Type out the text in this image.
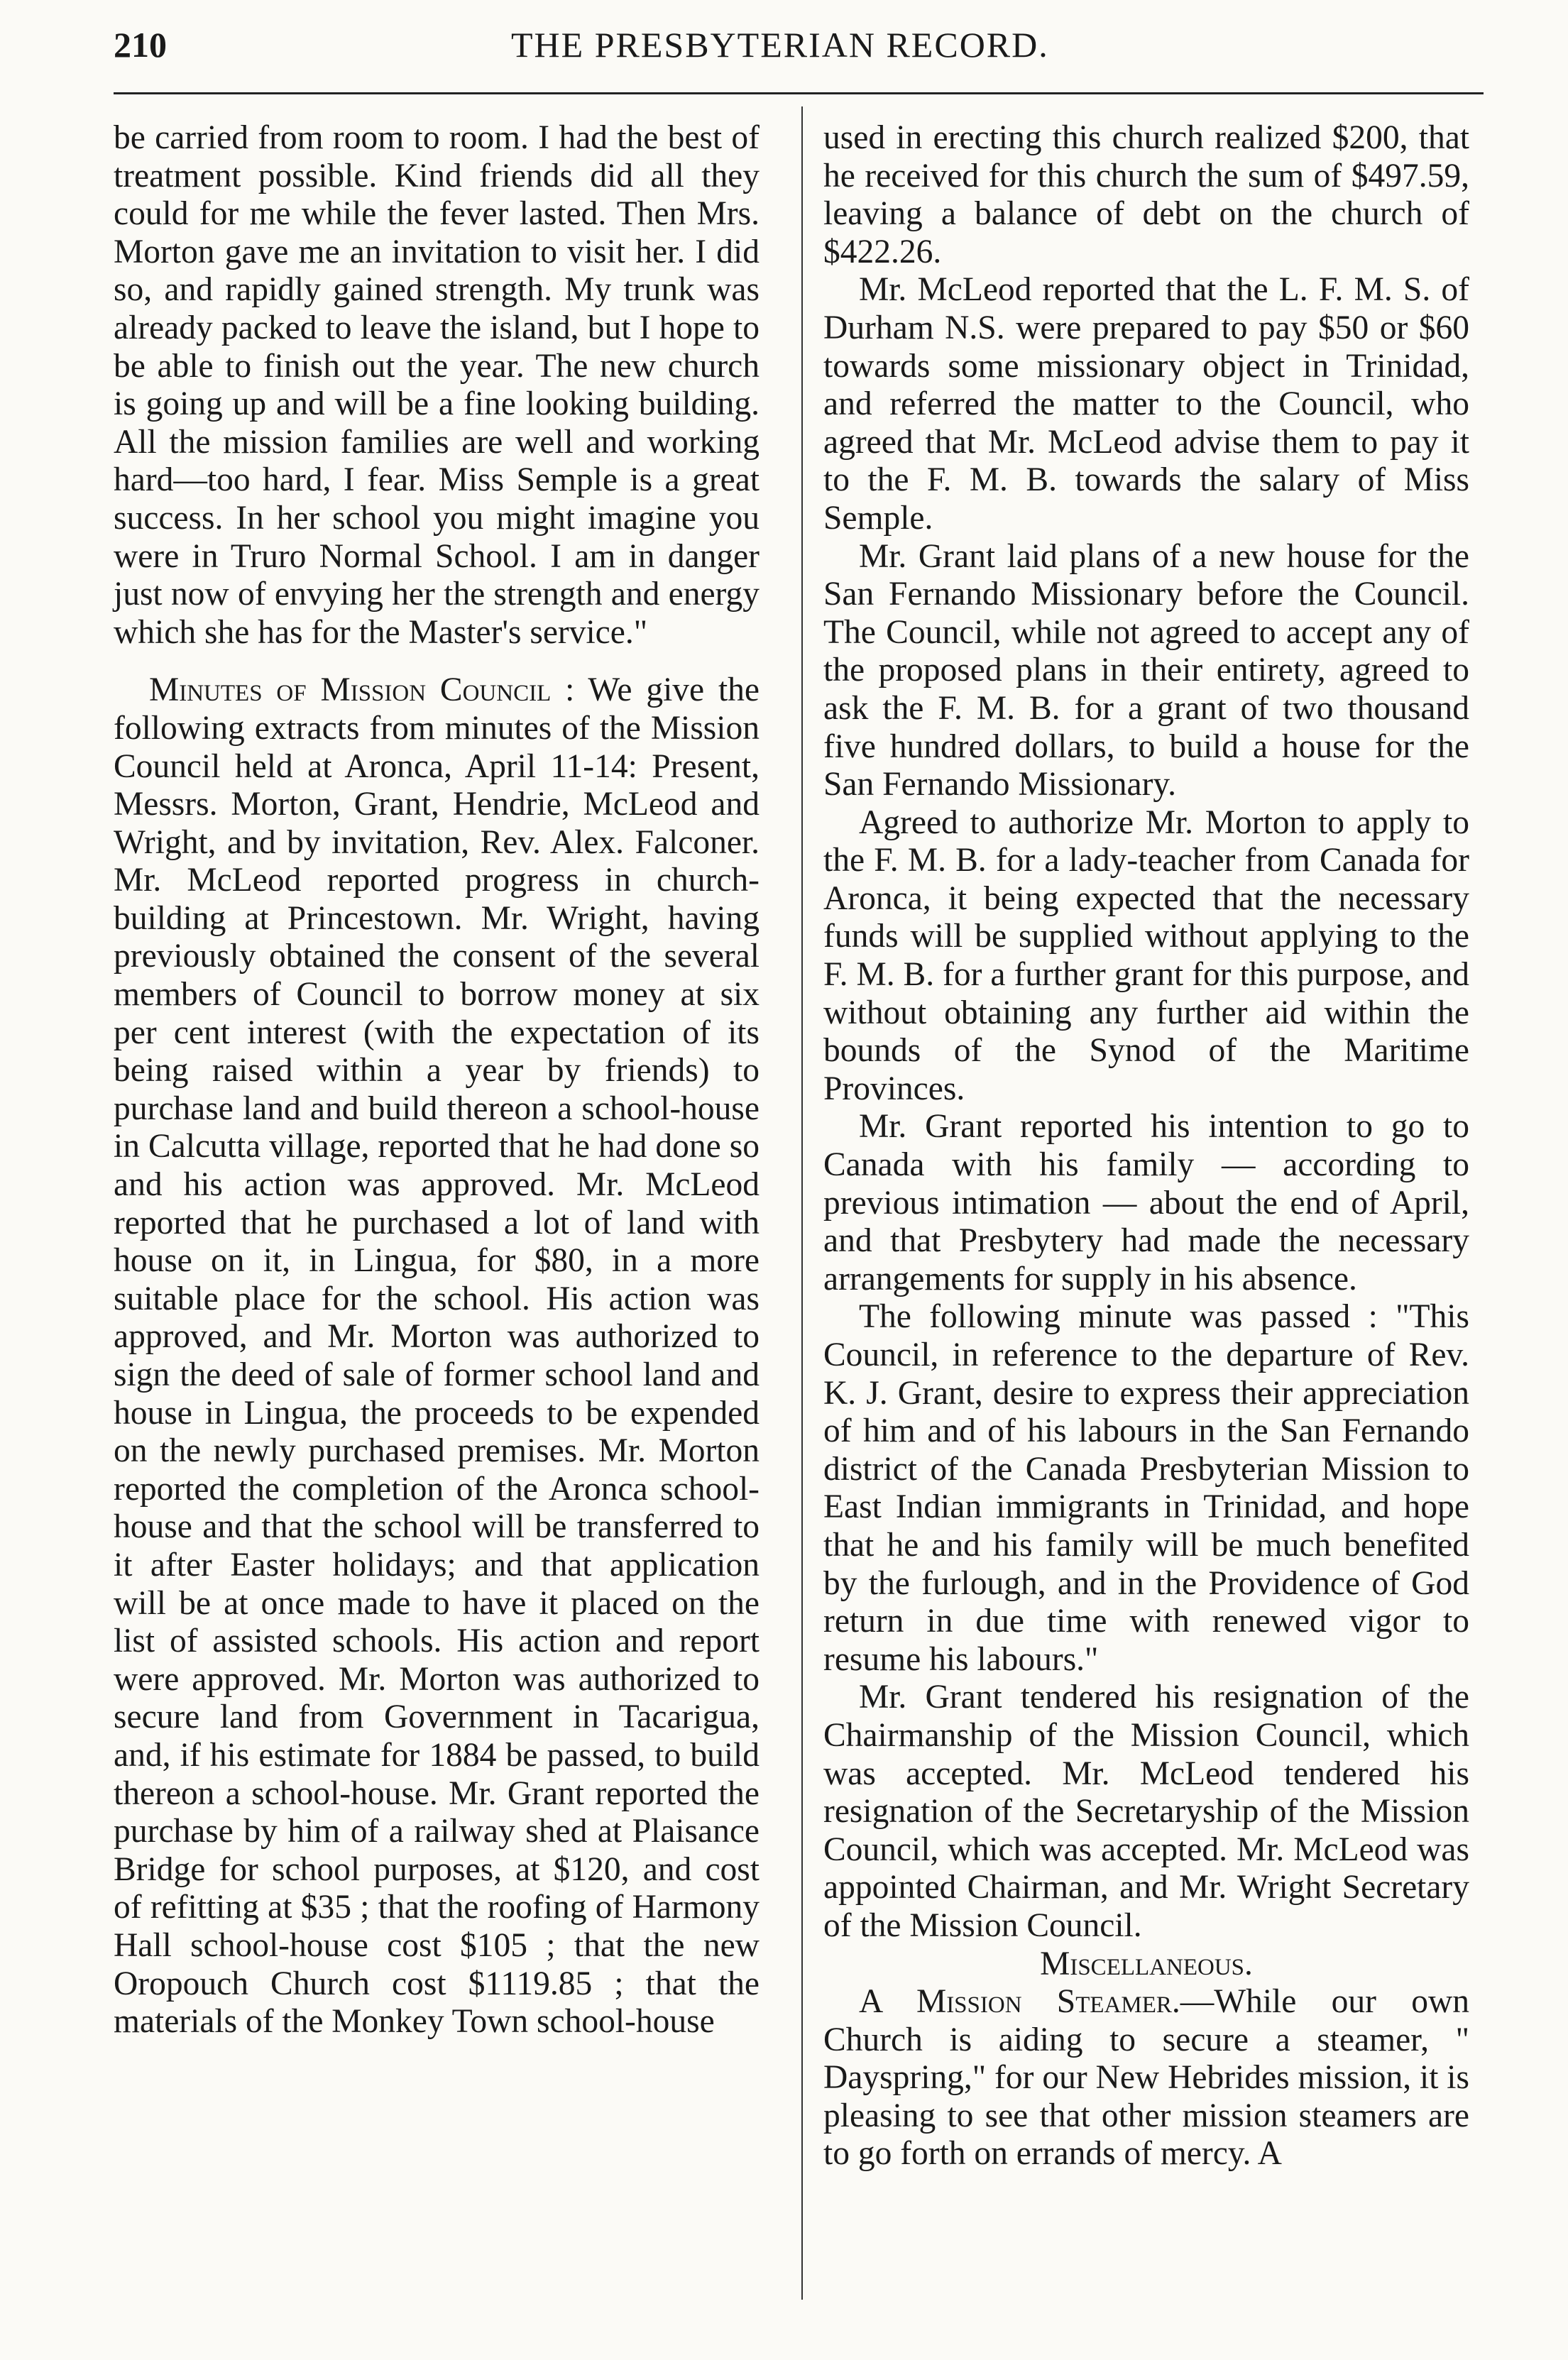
210	THE PRESBYTERIAN RECORD.

be carried from room to room. I had the best of treatment possible. Kind friends did all they could for me while the fever lasted. Then Mrs. Morton gave me an invitation to visit her. I did so, and rapidly gained strength. My trunk was already packed to leave the island, but I hope to be able to finish out the year. The new church is going up and will be a fine looking building. All the mission families are well and working hard—too hard, I fear. Miss Semple is a great success. In her school you might imagine you were in Truro Normal School. I am in danger just now of envying her the strength and energy which she has for the Master's service."

Minutes of Mission Council : We give the following extracts from minutes of the Mission Council held at Aronca, April 11-14: Present, Messrs. Morton, Grant, Hendrie, McLeod and Wright, and by invitation, Rev. Alex. Falconer. Mr. McLeod reported progress in church-building at Princestown. Mr. Wright, having previously obtained the consent of the several members of Council to borrow money at six per cent interest (with the expectation of its being raised within a year by friends) to purchase land and build thereon a school-house in Calcutta village, reported that he had done so and his action was approved. Mr. McLeod reported that he purchased a lot of land with house on it, in Lingua, for $80, in a more suitable place for the school. His action was approved, and Mr. Morton was authorized to sign the deed of sale of former school land and house in Lingua, the proceeds to be expended on the newly purchased premises. Mr. Morton reported the completion of the Aronca school-house and that the school will be transferred to it after Easter holidays; and that application will be at once made to have it placed on the list of assisted schools. His action and report were approved. Mr. Morton was authorized to secure land from Government in Tacarigua, and, if his estimate for 1884 be passed, to build thereon a school-house. Mr. Grant reported the purchase by him of a railway shed at Plaisance Bridge for school purposes, at $120, and cost of refitting at $35 ; that the roofing of Harmony Hall school-house cost $105 ; that the new Oropouch Church cost $1119.85 ; that the materials of the Monkey Town school-house

used in erecting this church realized $200, that he received for this church the sum of $497.59, leaving a balance of debt on the church of $422.26.

Mr. McLeod reported that the L. F. M. S. of Durham N.S. were prepared to pay $50 or $60 towards some missionary object in Trinidad, and referred the matter to the Council, who agreed that Mr. McLeod advise them to pay it to the F. M. B. towards the salary of Miss Semple.

Mr. Grant laid plans of a new house for the San Fernando Missionary before the Council. The Council, while not agreed to accept any of the proposed plans in their entirety, agreed to ask the F. M. B. for a grant of two thousand five hundred dollars, to build a house for the San Fernando Missionary.

Agreed to authorize Mr. Morton to apply to the F. M. B. for a lady-teacher from Canada for Aronca, it being expected that the necessary funds will be supplied without applying to the F. M. B. for a further grant for this purpose, and without obtaining any further aid within the bounds of the Synod of the Maritime Provinces.

Mr. Grant reported his intention to go to Canada with his family — according to previous intimation — about the end of April, and that Presbytery had made the necessary arrangements for supply in his absence.

The following minute was passed : "This Council, in reference to the departure of Rev. K. J. Grant, desire to express their appreciation of him and of his labours in the San Fernando district of the Canada Presbyterian Mission to East Indian immigrants in Trinidad, and hope that he and his family will be much benefited by the furlough, and in the Providence of God return in due time with renewed vigor to resume his labours."

Mr. Grant tendered his resignation of the Chairmanship of the Mission Council, which was accepted. Mr. McLeod tendered his resignation of the Secretaryship of the Mission Council, which was accepted. Mr. McLeod was appointed Chairman, and Mr. Wright Secretary of the Mission Council.

Miscellaneous.

A Mission Steamer.—While our own Church is aiding to secure a steamer, " Dayspring," for our New Hebrides mission, it is pleasing to see that other mission steamers are to go forth on errands of mercy. A
